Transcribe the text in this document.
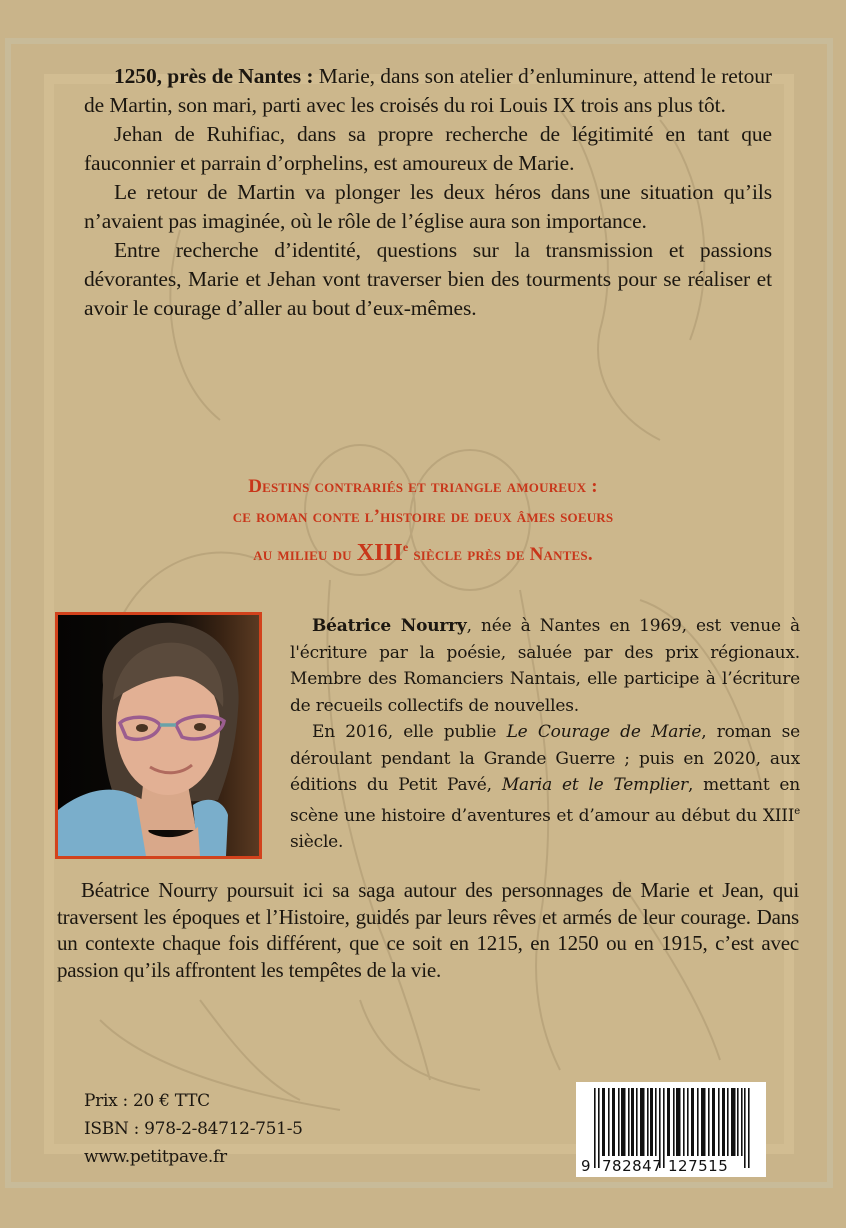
1250, près de Nantes : Marie, dans son atelier d’enluminure, attend le retour de Martin, son mari, parti avec les croisés du roi Louis IX trois ans plus tôt.

Jehan de Ruhifiac, dans sa propre recherche de légitimité en tant que fauconnier et parrain d’orphelins, est amoureux de Marie.

Le retour de Martin va plonger les deux héros dans une situation qu’ils n’avaient pas imaginée, où le rôle de l’église aura son importance.

Entre recherche d’identité, questions sur la transmission et passions dévorantes, Marie et Jehan vont traverser bien des tourments pour se réaliser et avoir le courage d’aller au bout d’eux-mêmes.

Destins contrariés et triangle amoureux :
ce roman conte l’histoire de deux âmes soeurs
au milieu du XIIIe siècle près de Nantes.

Béatrice Nourry, née à Nantes en 1969, est venue à l'écriture par la poésie, saluée par des prix régionaux. Membre des Romanciers Nantais, elle participe à l’écriture de recueils collectifs de nouvelles.

En 2016, elle publie Le Courage de Marie, roman se déroulant pendant la Grande Guerre ; puis en 2020, aux éditions du Petit Pavé, Maria et le Templier, mettant en scène une histoire d’aventures et d’amour au début du XIIIe siècle.

Béatrice Nourry poursuit ici sa saga autour des personnages de Marie et Jean, qui traversent les époques et l’Histoire, guidés par leurs rêves et armés de leur courage. Dans un contexte chaque fois différent, que ce soit en 1215, en 1250 ou en 1915, c’est avec passion qu’ils affrontent les tempêtes de la vie.

Prix : 20 € TTC
ISBN : 978-2-84712-751-5
www.petitpave.fr	9 782847 127515
